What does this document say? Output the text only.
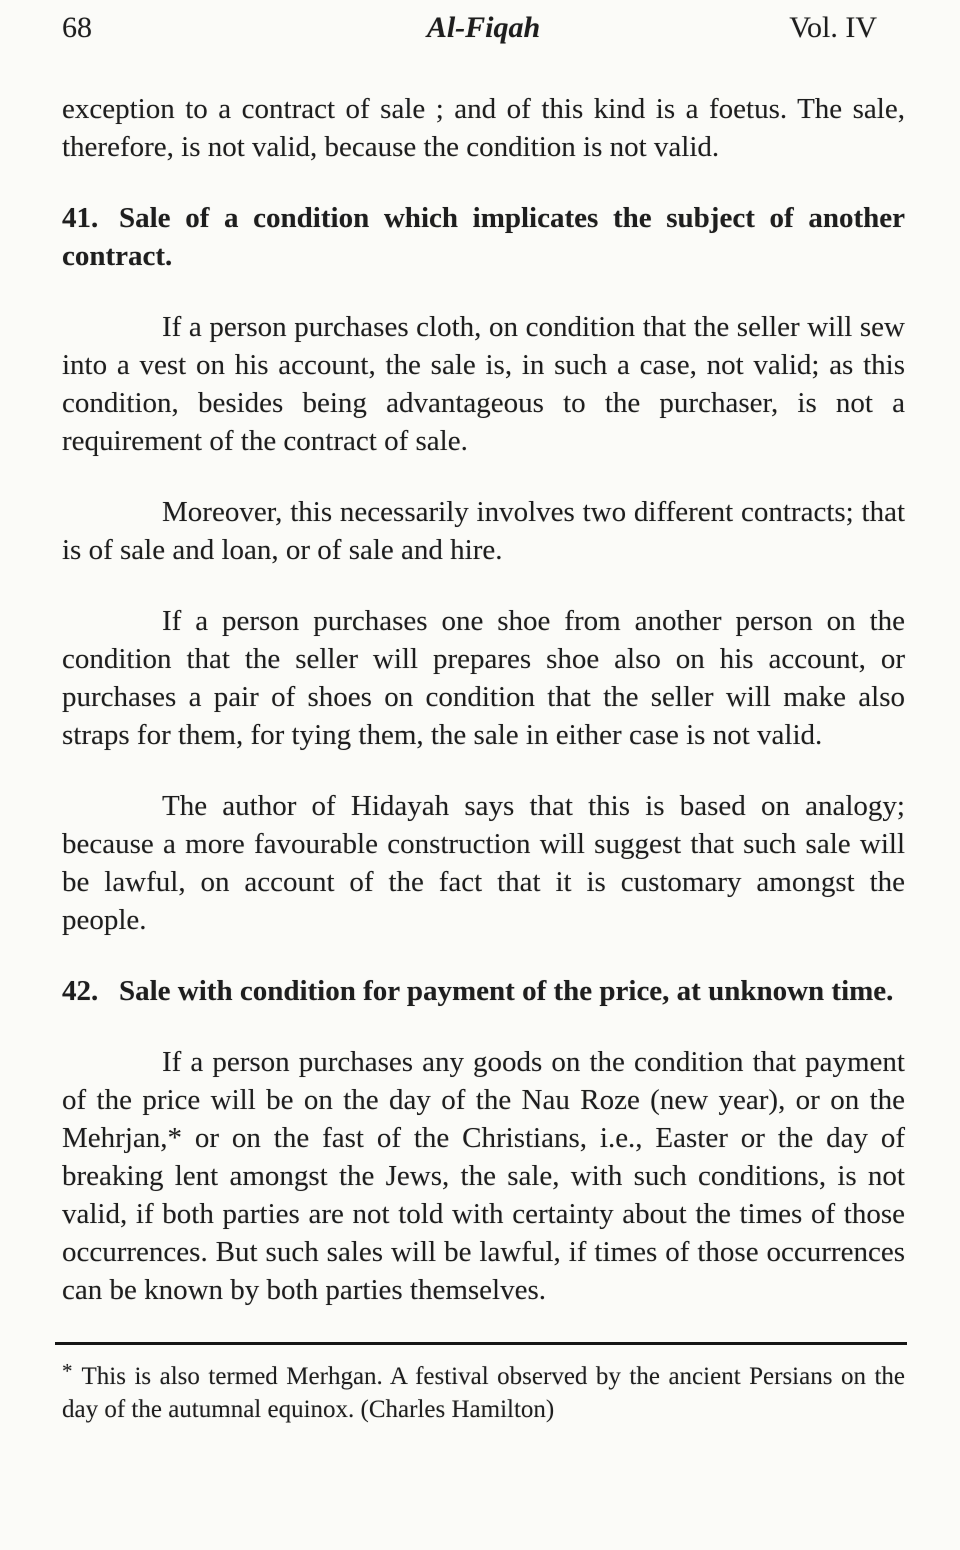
68	Al-Fiqah	Vol. IV

exception to a contract of sale ; and of this kind is a foetus. The sale, therefore, is not valid, because the condition is not valid.

41. Sale of a condition which implicates the subject of another contract.

If a person purchases cloth, on condition that the seller will sew into a vest on his account, the sale is, in such a case, not valid; as this condition, besides being advantageous to the purchaser, is not a requirement of the contract of sale.

Moreover, this necessarily involves two different contracts; that is of sale and loan, or of sale and hire.

If a person purchases one shoe from another person on the condition that the seller will prepares shoe also on his account, or purchases a pair of shoes on condition that the seller will make also straps for them, for tying them, the sale in either case is not valid.

The author of Hidayah says that this is based on analogy; because a more favourable construction will suggest that such sale will be lawful, on account of the fact that it is customary amongst the people.

42. Sale with condition for payment of the price, at unknown time.

If a person purchases any goods on the condition that payment of the price will be on the day of the Nau Roze (new year), or on the Mehrjan,* or on the fast of the Christians, i.e., Easter or the day of breaking lent amongst the Jews, the sale, with such conditions, is not valid, if both parties are not told with certainty about the times of those occurrences. But such sales will be lawful, if times of those occurrences can be known by both parties themselves.

* This is also termed Merhgan. A festival observed by the ancient Persians on the day of the autumnal equinox. (Charles Hamilton)
